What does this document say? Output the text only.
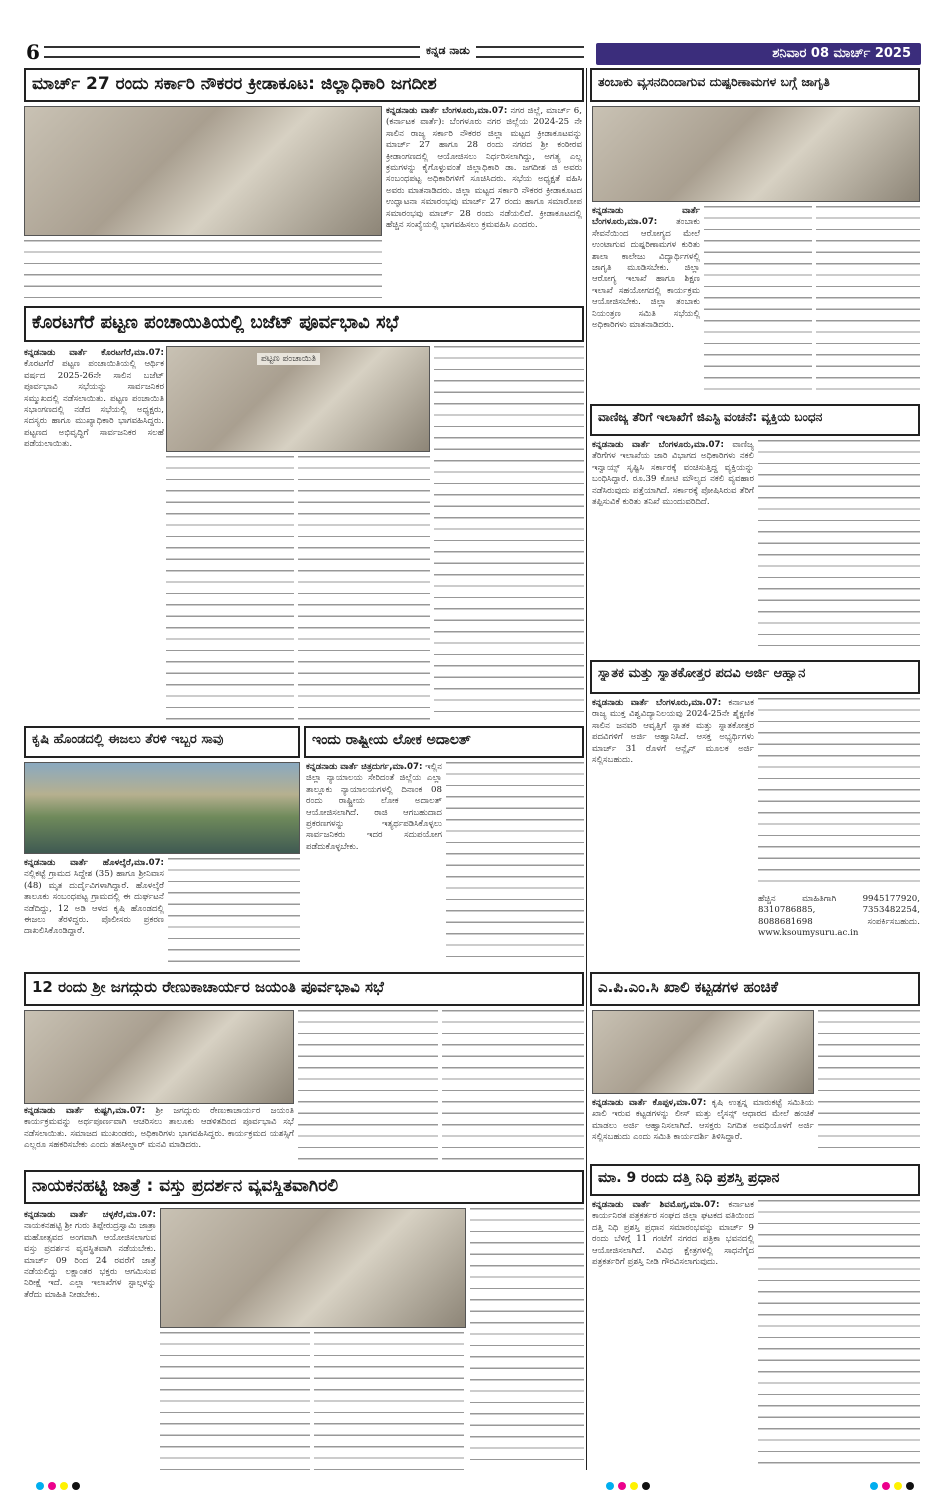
6	ಕನ್ನಡ ನಾಡು	ಶನಿವಾರ 08 ಮಾರ್ಚ್ 2025
ಮಾರ್ಚ್ 27 ರಂದು ಸರ್ಕಾರಿ ನೌಕರರ ಕ್ರೀಡಾಕೂಟ: ಜಿಲ್ಲಾಧಿಕಾರಿ ಜಗದೀಶ
ಕನ್ನಡನಾಡು ವಾರ್ತೆ ಬೆಂಗಳೂರು,ಮಾ.07: ನಗರ ಜಿಲ್ಲೆ, ಮಾರ್ಚ್ 6, (ಕರ್ನಾಟಕ ವಾರ್ತೆ): ಬೆಂಗಳೂರು ನಗರ ಜಿಲ್ಲೆಯ 2024-25 ನೇ ಸಾಲಿನ ರಾಜ್ಯ ಸರ್ಕಾರಿ ನೌಕರರ ಜಿಲ್ಲಾ ಮಟ್ಟದ ಕ್ರೀಡಾಕೂಟವನ್ನು ಮಾರ್ಚ್ 27 ಹಾಗೂ 28 ರಂದು ನಗರದ ಶ್ರೀ ಕಂಠೀರವ ಕ್ರೀಡಾಂಗಣದಲ್ಲಿ ಆಯೋಜಿಸಲು ನಿರ್ಧರಿಸಲಾಗಿದ್ದು, ಅಗತ್ಯ ಎಲ್ಲ ಕ್ರಮಗಳನ್ನು ಕೈಗೊಳ್ಳುವಂತೆ ಜಿಲ್ಲಾಧಿಕಾರಿ ಡಾ. ಜಗದೀಶ ಜಿ ಅವರು ಸಂಬಂಧಪಟ್ಟ ಅಧಿಕಾರಿಗಳಿಗೆ ಸೂಚಿಸಿದರು. ಸಭೆಯ ಅಧ್ಯಕ್ಷತೆ ವಹಿಸಿ ಅವರು ಮಾತನಾಡಿದರು. ಜಿಲ್ಲಾ ಮಟ್ಟದ ಸರ್ಕಾರಿ ನೌಕರರ ಕ್ರೀಡಾಕೂಟದ ಉದ್ಘಾಟನಾ ಸಮಾರಂಭವು ಮಾರ್ಚ್ 27 ರಂದು ಹಾಗೂ ಸಮಾರೋಪ ಸಮಾರಂಭವು ಮಾರ್ಚ್ 28 ರಂದು ನಡೆಯಲಿದೆ. ಕ್ರೀಡಾಕೂಟದಲ್ಲಿ ಹೆಚ್ಚಿನ ಸಂಖ್ಯೆಯಲ್ಲಿ ಭಾಗವಹಿಸಲು ಕ್ರಮವಹಿಸಿ ಎಂದರು.
ತಂಬಾಕು ವ್ಯಸನದಿಂದಾಗುವ ದುಷ್ಪರಿಣಾಮಗಳ ಬಗ್ಗೆ ಜಾಗೃತಿ
ಕನ್ನಡನಾಡು ವಾರ್ತೆ ಬೆಂಗಳೂರು,ಮಾ.07: ತಂಬಾಕು ಸೇವನೆಯಿಂದ ಆರೋಗ್ಯದ ಮೇಲೆ ಉಂಟಾಗುವ ದುಷ್ಪರಿಣಾಮಗಳ ಕುರಿತು ಶಾಲಾ ಕಾಲೇಜು ವಿದ್ಯಾರ್ಥಿಗಳಲ್ಲಿ ಜಾಗೃತಿ ಮೂಡಿಸಬೇಕು. ಜಿಲ್ಲಾ ಆರೋಗ್ಯ ಇಲಾಖೆ ಹಾಗೂ ಶಿಕ್ಷಣ ಇಲಾಖೆ ಸಹಯೋಗದಲ್ಲಿ ಕಾರ್ಯಕ್ರಮ ಆಯೋಜಿಸಬೇಕು. ಜಿಲ್ಲಾ ತಂಬಾಕು ನಿಯಂತ್ರಣ ಸಮಿತಿ ಸಭೆಯಲ್ಲಿ ಅಧಿಕಾರಿಗಳು ಮಾತನಾಡಿದರು.
ಕೊರಟಗೆರೆ ಪಟ್ಟಣ ಪಂಚಾಯಿತಿಯಲ್ಲಿ ಬಜೆಟ್ ಪೂರ್ವಭಾವಿ ಸಭೆ
ಕನ್ನಡನಾಡು ವಾರ್ತೆ ಕೊರಟಗೆರೆ,ಮಾ.07: ಕೊರಟಗೆರೆ ಪಟ್ಟಣ ಪಂಚಾಯಿತಿಯಲ್ಲಿ ಆರ್ಥಿಕ ವರ್ಷದ 2025-26ನೇ ಸಾಲಿನ ಬಜೆಟ್ ಪೂರ್ವಭಾವಿ ಸಭೆಯನ್ನು ಸಾರ್ವಜನಿಕರ ಸಮ್ಮುಖದಲ್ಲಿ ನಡೆಸಲಾಯಿತು. ಪಟ್ಟಣ ಪಂಚಾಯಿತಿ ಸಭಾಂಗಣದಲ್ಲಿ ನಡೆದ ಸಭೆಯಲ್ಲಿ ಅಧ್ಯಕ್ಷರು, ಸದಸ್ಯರು ಹಾಗೂ ಮುಖ್ಯಾಧಿಕಾರಿ ಭಾಗವಹಿಸಿದ್ದರು. ಪಟ್ಟಣದ ಅಭಿವೃದ್ಧಿಗೆ ಸಾರ್ವಜನಿಕರ ಸಲಹೆ ಪಡೆಯಲಾಯಿತು.
ಪಟ್ಟಣ ಪಂಚಾಯಿತಿ
ವಾಣಿಜ್ಯ ತೆರಿಗೆ ಇಲಾಖೆಗೆ ಜಿಎಸ್ಟಿ ವಂಚನೆ: ವ್ಯಕ್ತಿಯ ಬಂಧನ
ಕನ್ನಡನಾಡು ವಾರ್ತೆ ಬೆಂಗಳೂರು,ಮಾ.07: ವಾಣಿಜ್ಯ ತೆರಿಗೆಗಳ ಇಲಾಖೆಯ ಜಾರಿ ವಿಭಾಗದ ಅಧಿಕಾರಿಗಳು ನಕಲಿ ಇನ್ವಾಯ್ಸ್ ಸೃಷ್ಟಿಸಿ ಸರ್ಕಾರಕ್ಕೆ ವಂಚಿಸುತ್ತಿದ್ದ ವ್ಯಕ್ತಿಯನ್ನು ಬಂಧಿಸಿದ್ದಾರೆ. ರೂ.39 ಕೋಟಿ ಮೌಲ್ಯದ ನಕಲಿ ವ್ಯವಹಾರ ನಡೆಸಿರುವುದು ಪತ್ತೆಯಾಗಿದೆ. ಸರ್ಕಾರಕ್ಕೆ ಪೋಷಿಸಿರುವ ತೆರಿಗೆ ತಪ್ಪಿಸುವಿಕೆ ಕುರಿತು ತನಿಖೆ ಮುಂದುವರಿದಿದೆ.
ಸ್ನಾತಕ ಮತ್ತು ಸ್ನಾತಕೋತ್ತರ ಪದವಿ ಅರ್ಜಿ ಆಹ್ವಾನ
ಕನ್ನಡನಾಡು ವಾರ್ತೆ ಬೆಂಗಳೂರು,ಮಾ.07: ಕರ್ನಾಟಕ ರಾಜ್ಯ ಮುಕ್ತ ವಿಶ್ವವಿದ್ಯಾನಿಲಯವು 2024-25ನೇ ಶೈಕ್ಷಣಿಕ ಸಾಲಿನ ಜನವರಿ ಆವೃತ್ತಿಗೆ ಸ್ನಾತಕ ಮತ್ತು ಸ್ನಾತಕೋತ್ತರ ಪದವಿಗಳಿಗೆ ಅರ್ಜಿ ಆಹ್ವಾನಿಸಿದೆ. ಆಸಕ್ತ ಅಭ್ಯರ್ಥಿಗಳು ಮಾರ್ಚ್ 31 ರೊಳಗೆ ಆನ್ಲೈನ್ ಮೂಲಕ ಅರ್ಜಿ ಸಲ್ಲಿಸಬಹುದು.
ಹೆಚ್ಚಿನ ಮಾಹಿತಿಗಾಗಿ 9945177920, 8310786885, 7353482254, 8088681698 ಸಂಪರ್ಕಿಸಬಹುದು. www.ksoumysuru.ac.in
ಕೃಷಿ ಹೊಂಡದಲ್ಲಿ ಈಜಲು ತೆರಳಿ ಇಬ್ಬರ ಸಾವು
ಕನ್ನಡನಾಡು ವಾರ್ತೆ ಹೊಳಲ್ಕೆರೆ,ಮಾ.07: ನಲ್ಲಿಕಟ್ಟೆ ಗ್ರಾಮದ ಸಿದ್ದೇಶ (35) ಹಾಗೂ ಶ್ರೀನಿವಾಸ (48) ಮೃತ ದುರ್ದೈವಿಗಳಾಗಿದ್ದಾರೆ. ಹೊಳಲ್ಕೆರೆ ತಾಲೂಕು ಸಂಬಂಧಪಟ್ಟ ಗ್ರಾಮದಲ್ಲಿ ಈ ದುರ್ಘಟನೆ ನಡೆದಿದ್ದು, 12 ಅಡಿ ಆಳದ ಕೃಷಿ ಹೊಂಡದಲ್ಲಿ ಈಜಲು ತೆರಳಿದ್ದರು. ಪೊಲೀಸರು ಪ್ರಕರಣ ದಾಖಲಿಸಿಕೊಂಡಿದ್ದಾರೆ.
ಇಂದು ರಾಷ್ಟ್ರೀಯ ಲೋಕ ಅದಾಲತ್
ಕನ್ನಡನಾಡು ವಾರ್ತೆ ಚಿತ್ರದುರ್ಗ,ಮಾ.07: ಇಲ್ಲಿನ ಜಿಲ್ಲಾ ನ್ಯಾಯಾಲಯ ಸೇರಿದಂತೆ ಜಿಲ್ಲೆಯ ಎಲ್ಲಾ ತಾಲ್ಲೂಕು ನ್ಯಾಯಾಲಯಗಳಲ್ಲಿ ದಿನಾಂಕ 08 ರಂದು ರಾಷ್ಟ್ರೀಯ ಲೋಕ ಅದಾಲತ್ ಆಯೋಜಿಸಲಾಗಿದೆ. ರಾಜಿ ಆಗಬಹುದಾದ ಪ್ರಕರಣಗಳನ್ನು ಇತ್ಯರ್ಥಪಡಿಸಿಕೊಳ್ಳಲು ಸಾರ್ವಜನಿಕರು ಇದರ ಸದುಪಯೋಗ ಪಡೆದುಕೊಳ್ಳಬೇಕು.
12 ರಂದು ಶ್ರೀ ಜಗದ್ಗುರು ರೇಣುಕಾಚಾರ್ಯರ ಜಯಂತಿ ಪೂರ್ವಭಾವಿ ಸಭೆ
ಕನ್ನಡನಾಡು ವಾರ್ತೆ ಕುಷ್ಟಗಿ,ಮಾ.07: ಶ್ರೀ ಜಗದ್ಗುರು ರೇಣುಕಾಚಾರ್ಯರ ಜಯಂತಿ ಕಾರ್ಯಕ್ರಮವನ್ನು ಅರ್ಥಪೂರ್ಣವಾಗಿ ಆಚರಿಸಲು ತಾಲೂಕು ಆಡಳಿತದಿಂದ ಪೂರ್ವಭಾವಿ ಸಭೆ ನಡೆಸಲಾಯಿತು. ಸಮಾಜದ ಮುಖಂಡರು, ಅಧಿಕಾರಿಗಳು ಭಾಗವಹಿಸಿದ್ದರು. ಕಾರ್ಯಕ್ರಮದ ಯಶಸ್ಸಿಗೆ ಎಲ್ಲರೂ ಸಹಕರಿಸಬೇಕು ಎಂದು ತಹಸೀಲ್ದಾರ್ ಮನವಿ ಮಾಡಿದರು.
ಎ.ಪಿ.ಎಂ.ಸಿ ಖಾಲಿ ಕಟ್ಟಡಗಳ ಹಂಚಿಕೆ
ಕನ್ನಡನಾಡು ವಾರ್ತೆ ಕೊಪ್ಪಳ,ಮಾ.07: ಕೃಷಿ ಉತ್ಪನ್ನ ಮಾರುಕಟ್ಟೆ ಸಮಿತಿಯ ಖಾಲಿ ಇರುವ ಕಟ್ಟಡಗಳನ್ನು ಲೀಸ್ ಮತ್ತು ಲೈಸನ್ಸ್ ಆಧಾರದ ಮೇಲೆ ಹಂಚಿಕೆ ಮಾಡಲು ಅರ್ಜಿ ಆಹ್ವಾನಿಸಲಾಗಿದೆ. ಆಸಕ್ತರು ನಿಗದಿತ ಅವಧಿಯೊಳಗೆ ಅರ್ಜಿ ಸಲ್ಲಿಸಬಹುದು ಎಂದು ಸಮಿತಿ ಕಾರ್ಯದರ್ಶಿ ತಿಳಿಸಿದ್ದಾರೆ.
ನಾಯಕನಹಟ್ಟಿ ಜಾತ್ರೆ : ವಸ್ತು ಪ್ರದರ್ಶನ ವ್ಯವಸ್ಥಿತವಾಗಿರಲಿ
ಕನ್ನಡನಾಡು ವಾರ್ತೆ ಚಳ್ಳಕೆರೆ,ಮಾ.07: ನಾಯಕನಹಟ್ಟಿ ಶ್ರೀ ಗುರು ತಿಪ್ಪೇರುದ್ರಸ್ವಾಮಿ ಜಾತ್ರಾ ಮಹೋತ್ಸವದ ಅಂಗವಾಗಿ ಆಯೋಜಿಸಲಾಗುವ ವಸ್ತು ಪ್ರದರ್ಶನ ವ್ಯವಸ್ಥಿತವಾಗಿ ನಡೆಯಬೇಕು. ಮಾರ್ಚ್ 09 ರಿಂದ 24 ರವರೆಗೆ ಜಾತ್ರೆ ನಡೆಯಲಿದ್ದು ಲಕ್ಷಾಂತರ ಭಕ್ತರು ಆಗಮಿಸುವ ನಿರೀಕ್ಷೆ ಇದೆ. ಎಲ್ಲಾ ಇಲಾಖೆಗಳ ಸ್ಟಾಲ್ಗಳನ್ನು ತೆರೆದು ಮಾಹಿತಿ ನೀಡಬೇಕು.
ಮಾ. 9 ರಂದು ದತ್ತಿ ನಿಧಿ ಪ್ರಶಸ್ತಿ ಪ್ರಧಾನ
ಕನ್ನಡನಾಡು ವಾರ್ತೆ ಶಿವಮೊಗ್ಗ,ಮಾ.07: ಕರ್ನಾಟಕ ಕಾರ್ಯನಿರತ ಪತ್ರಕರ್ತರ ಸಂಘದ ಜಿಲ್ಲಾ ಘಟಕದ ವತಿಯಿಂದ ದತ್ತಿ ನಿಧಿ ಪ್ರಶಸ್ತಿ ಪ್ರಧಾನ ಸಮಾರಂಭವನ್ನು ಮಾರ್ಚ್ 9 ರಂದು ಬೆಳಿಗ್ಗೆ 11 ಗಂಟೆಗೆ ನಗರದ ಪತ್ರಿಕಾ ಭವನದಲ್ಲಿ ಆಯೋಜಿಸಲಾಗಿದೆ. ವಿವಿಧ ಕ್ಷೇತ್ರಗಳಲ್ಲಿ ಸಾಧನೆಗೈದ ಪತ್ರಕರ್ತರಿಗೆ ಪ್ರಶಸ್ತಿ ನೀಡಿ ಗೌರವಿಸಲಾಗುವುದು.
